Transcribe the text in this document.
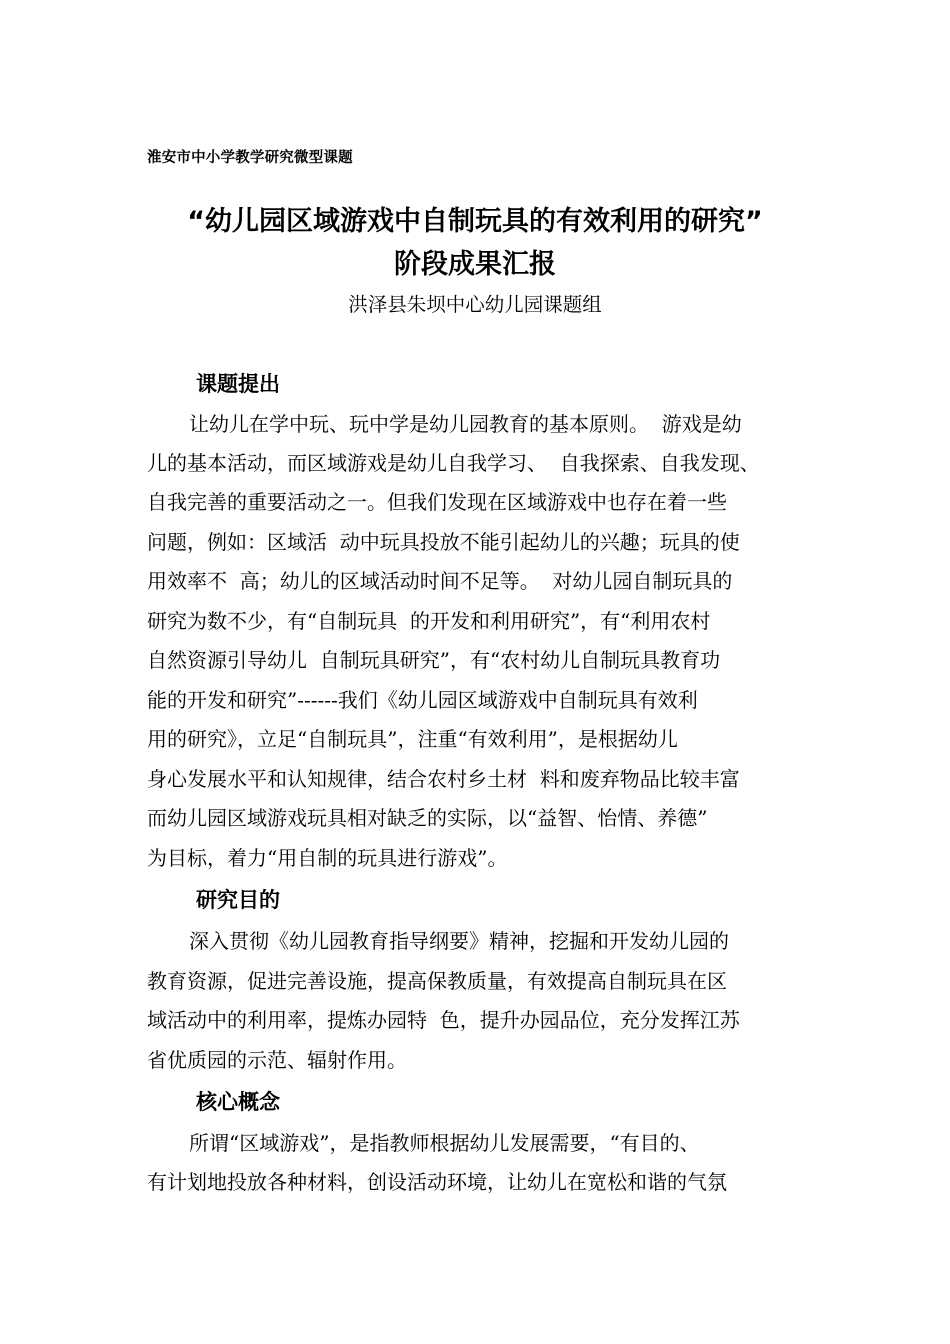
淮安市中小学教学研究微型课题
“幼儿园区域游戏中自制玩具的有效利用的研究”
阶段成果汇报
洪泽县朱坝中心幼儿园课题组
课题提出
让幼儿在学中玩、玩中学是幼儿园教育的基本原则。  游戏是幼
儿的基本活动，而区域游戏是幼儿自我学习、  自我探索、自我发现、
自我完善的重要活动之一。但我们发现在区域游戏中也存在着一些
问题，例如：区域活  动中玩具投放不能引起幼儿的兴趣；玩具的使
用效率不  高；幼儿的区域活动时间不足等。  对幼儿园自制玩具的
研究为数不少，有“自制玩具  的开发和利用研究”，有“利用农村
自然资源引导幼儿  自制玩具研究”，有“农村幼儿自制玩具教育功
能的开发和研究”------我们《幼儿园区域游戏中自制玩具有效利
用的研究》，立足“自制玩具”，注重“有效利用”，是根据幼儿
身心发展水平和认知规律，结合农村乡土材  料和废弃物品比较丰富
而幼儿园区域游戏玩具相对缺乏的实际，以“益智、怡情、养德”
为目标，着力“用自制的玩具进行游戏”。
研究目的
深入贯彻《幼儿园教育指导纲要》精神，挖掘和开发幼儿园的
教育资源，促进完善设施，提高保教质量，有效提高自制玩具在区
域活动中的利用率，提炼办园特  色，提升办园品位，充分发挥江苏
省优质园的示范、辐射作用。
核心概念
所谓“区域游戏”，是指教师根据幼儿发展需要，“有目的、
有计划地投放各种材料，创设活动环境，让幼儿在宽松和谐的气氛
